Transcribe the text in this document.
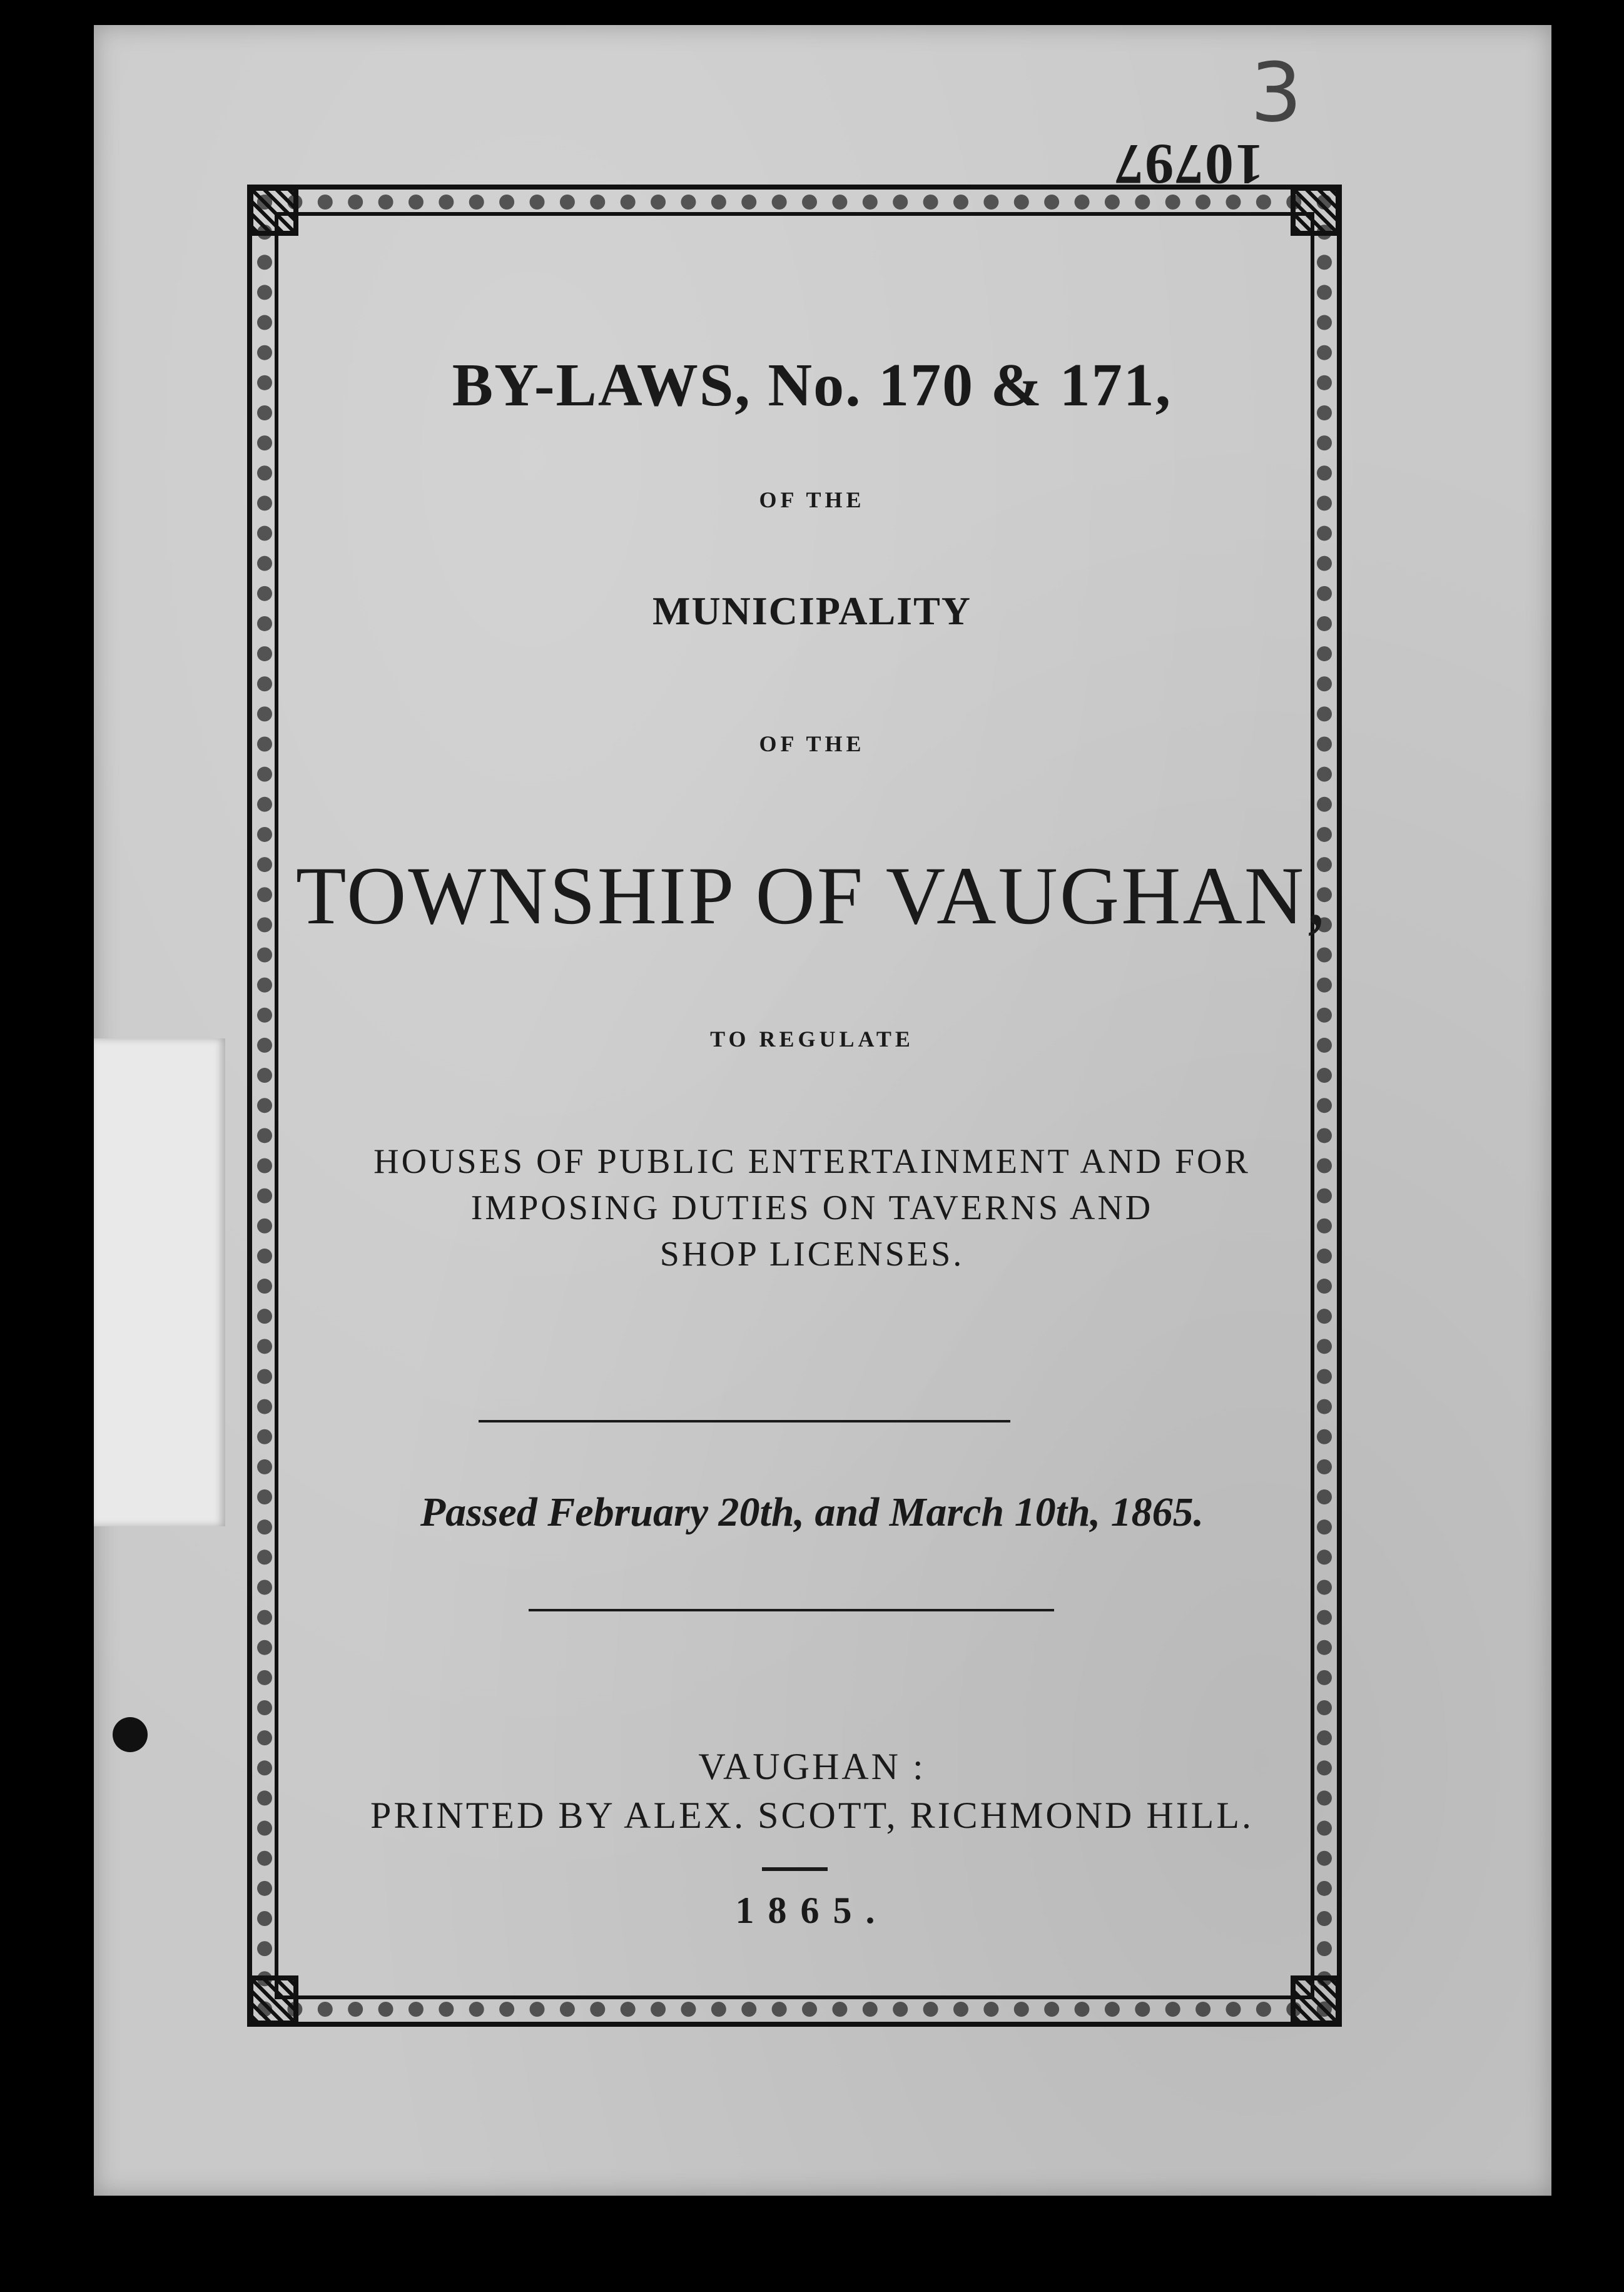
10797
3
BY-LAWS, No. 170 & 171,
OF THE
MUNICIPALITY
OF THE
TOWNSHIP OF VAUGHAN,
TO REGULATE
HOUSES OF PUBLIC ENTERTAINMENT AND FOR
IMPOSING DUTIES ON TAVERNS AND
SHOP LICENSES.
Passed February 20th, and March 10th, 1865.
VAUGHAN :
PRINTED BY ALEX. SCOTT, RICHMOND HILL.
1865.
